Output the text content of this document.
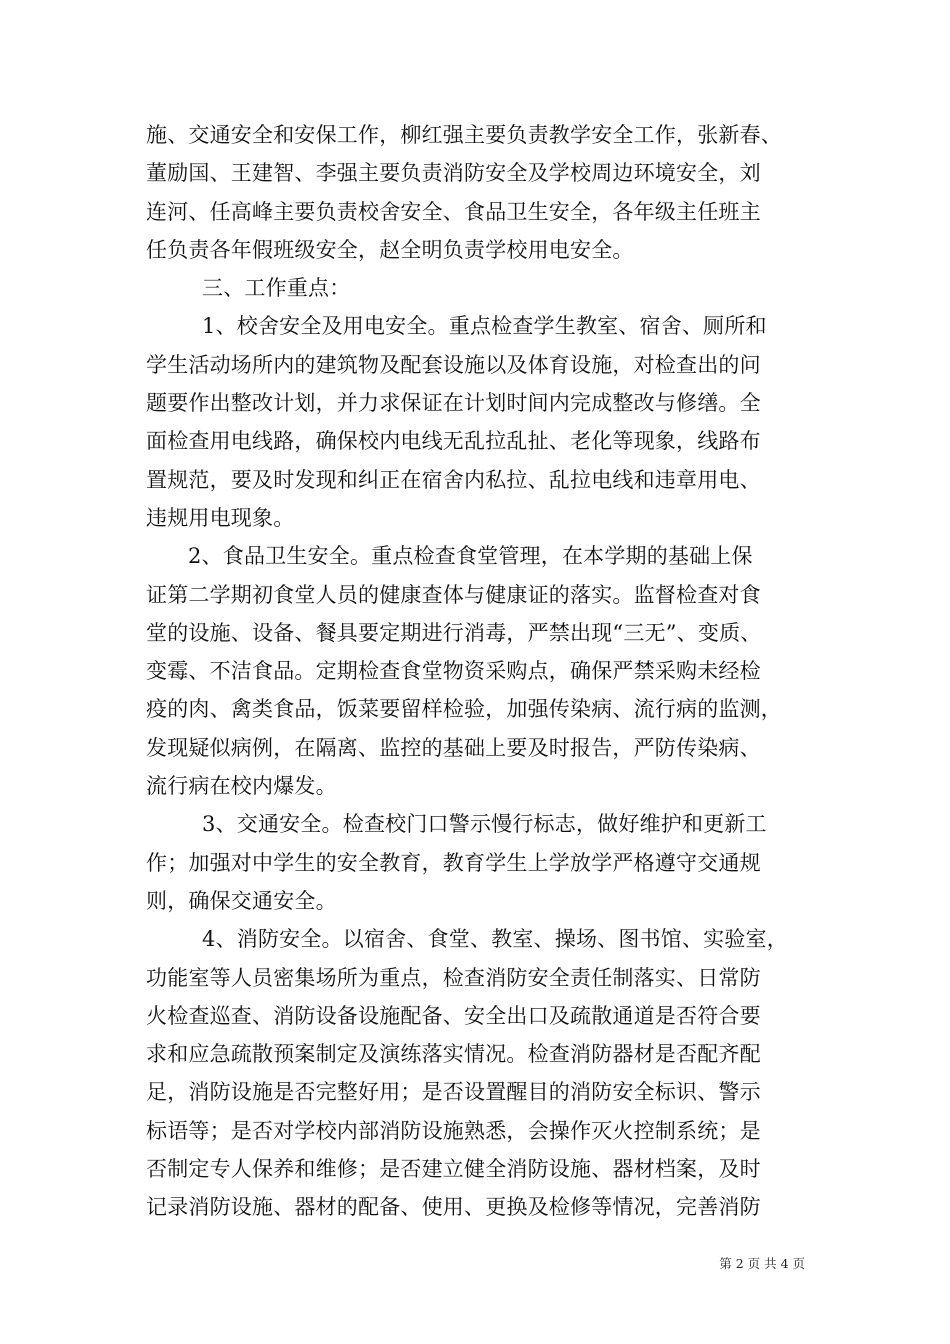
施、交通安全和安保工作，柳红强主要负责教学安全工作，张新春、
董励国、王建智、李强主要负责消防安全及学校周边环境安全，刘
连河、任高峰主要负责校舍安全、食品卫生安全，各年级主任班主
任负责各年假班级安全，赵全明负责学校用电安全。
三、工作重点：
1、校舍安全及用电安全。重点检查学生教室、宿舍、厕所和
学生活动场所内的建筑物及配套设施以及体育设施，对检查出的问
题要作出整改计划，并力求保证在计划时间内完成整改与修缮。全
面检查用电线路，确保校内电线无乱拉乱扯、老化等现象，线路布
置规范，要及时发现和纠正在宿舍内私拉、乱拉电线和违章用电、
违规用电现象。
2、食品卫生安全。重点检查食堂管理，在本学期的基础上保
证第二学期初食堂人员的健康查体与健康证的落实。监督检查对食
堂的设施、设备、餐具要定期进行消毒，严禁出现“三无”、变质、
变霉、不洁食品。定期检查食堂物资采购点，确保严禁采购未经检
疫的肉、禽类食品，饭菜要留样检验，加强传染病、流行病的监测，
发现疑似病例，在隔离、监控的基础上要及时报告，严防传染病、
流行病在校内爆发。
3、交通安全。检查校门口警示慢行标志，做好维护和更新工
作；加强对中学生的安全教育，教育学生上学放学严格遵守交通规
则，确保交通安全。
4、消防安全。以宿舍、食堂、教室、操场、图书馆、实验室，
功能室等人员密集场所为重点，检查消防安全责任制落实、日常防
火检查巡查、消防设备设施配备、安全出口及疏散通道是否符合要
求和应急疏散预案制定及演练落实情况。检查消防器材是否配齐配
足，消防设施是否完整好用；是否设置醒目的消防安全标识、警示
标语等；是否对学校内部消防设施熟悉，会操作灭火控制系统；是
否制定专人保养和维修；是否建立健全消防设施、器材档案，及时
记录消防设施、器材的配备、使用、更换及检修等情况，完善消防
第 2 页 共 4 页
